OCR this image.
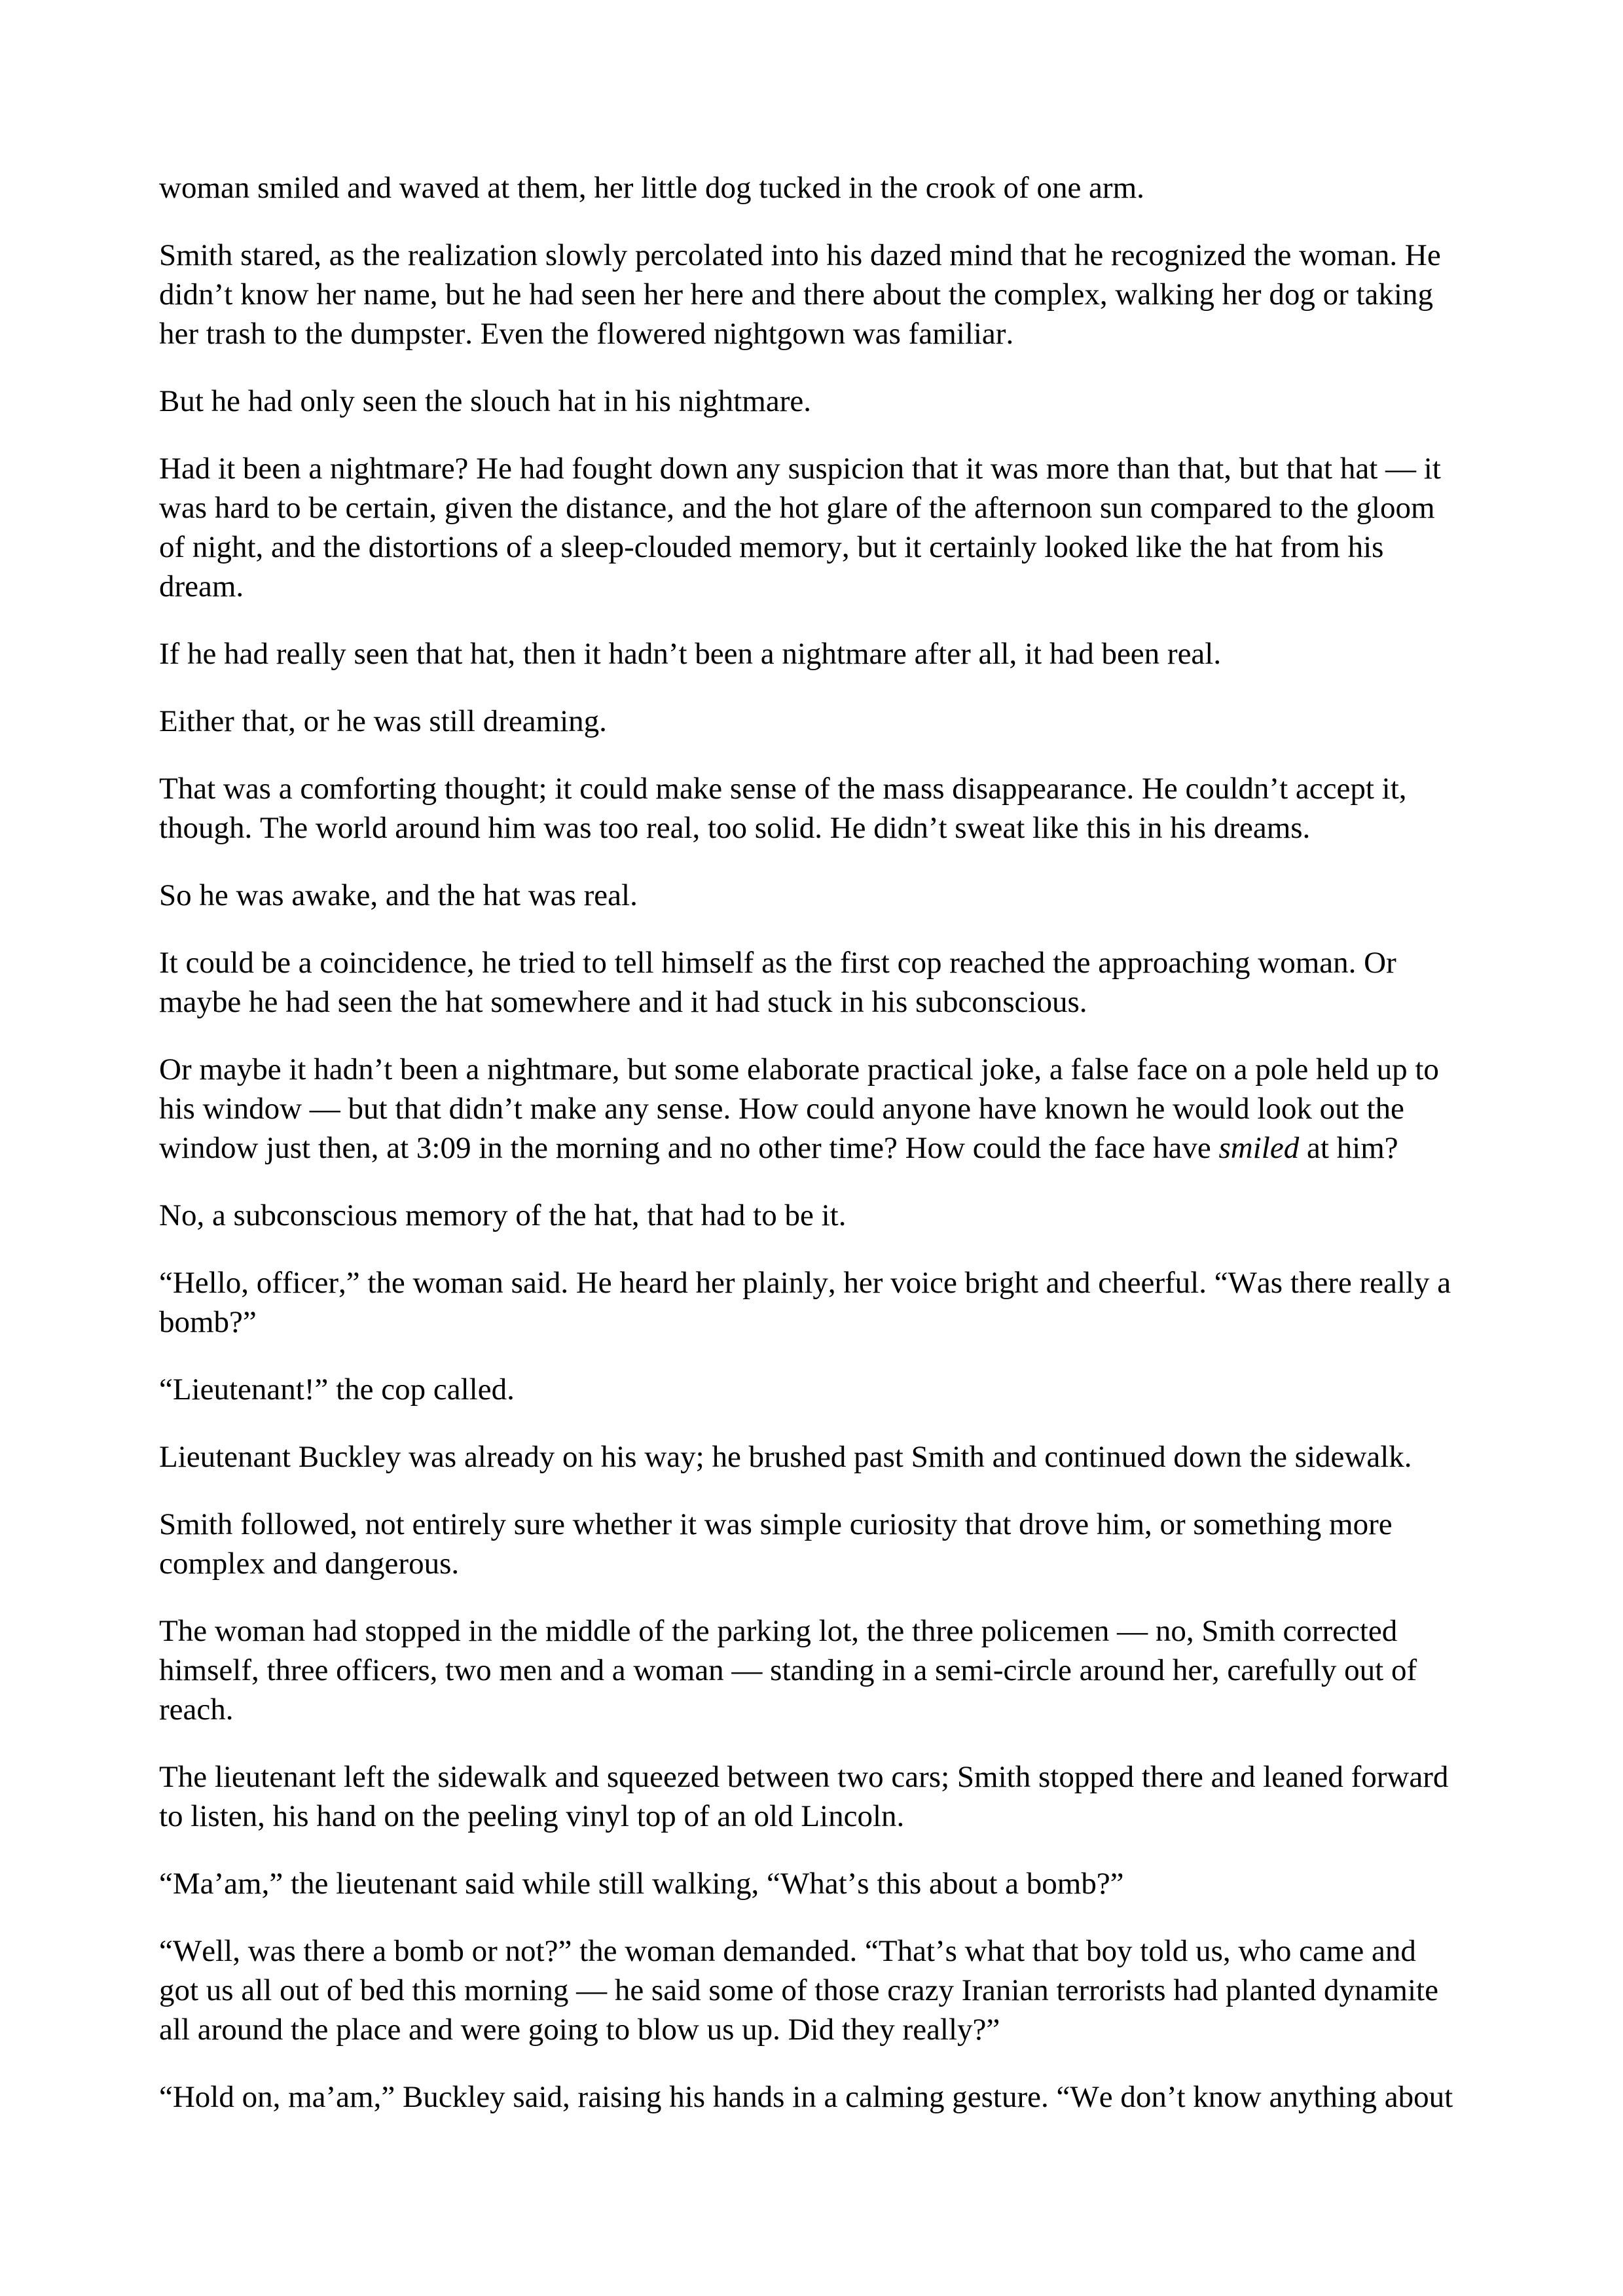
woman smiled and waved at them, her little dog tucked in the crook of one arm.

Smith stared, as the realization slowly percolated into his dazed mind that he recognized the woman. He didn’t know her name, but he had seen her here and there about the complex, walking her dog or taking her trash to the dumpster. Even the flowered nightgown was familiar.

But he had only seen the slouch hat in his nightmare.

Had it been a nightmare? He had fought down any suspicion that it was more than that, but that hat — it was hard to be certain, given the distance, and the hot glare of the afternoon sun compared to the gloom of night, and the distortions of a sleep-clouded memory, but it certainly looked like the hat from his dream.

If he had really seen that hat, then it hadn’t been a nightmare after all, it had been real.

Either that, or he was still dreaming.

That was a comforting thought; it could make sense of the mass disappearance. He couldn’t accept it, though. The world around him was too real, too solid. He didn’t sweat like this in his dreams.

So he was awake, and the hat was real.

It could be a coincidence, he tried to tell himself as the first cop reached the approaching woman. Or maybe he had seen the hat somewhere and it had stuck in his subconscious.

Or maybe it hadn’t been a nightmare, but some elaborate practical joke, a false face on a pole held up to his window — but that didn’t make any sense. How could anyone have known he would look out the window just then, at 3:09 in the morning and no other time? How could the face have smiled at him?

No, a subconscious memory of the hat, that had to be it.

“Hello, officer,” the woman said. He heard her plainly, her voice bright and cheerful. “Was there really a bomb?”

“Lieutenant!” the cop called.

Lieutenant Buckley was already on his way; he brushed past Smith and continued down the sidewalk.

Smith followed, not entirely sure whether it was simple curiosity that drove him, or something more complex and dangerous.

The woman had stopped in the middle of the parking lot, the three policemen — no, Smith corrected himself, three officers, two men and a woman — standing in a semi-circle around her, carefully out of reach.

The lieutenant left the sidewalk and squeezed between two cars; Smith stopped there and leaned forward to listen, his hand on the peeling vinyl top of an old Lincoln.

“Ma’am,” the lieutenant said while still walking, “What’s this about a bomb?”

“Well, was there a bomb or not?” the woman demanded. “That’s what that boy told us, who came and got us all out of bed this morning — he said some of those crazy Iranian terrorists had planted dynamite all around the place and were going to blow us up. Did they really?”

“Hold on, ma’am,” Buckley said, raising his hands in a calming gesture. “We don’t know anything about
